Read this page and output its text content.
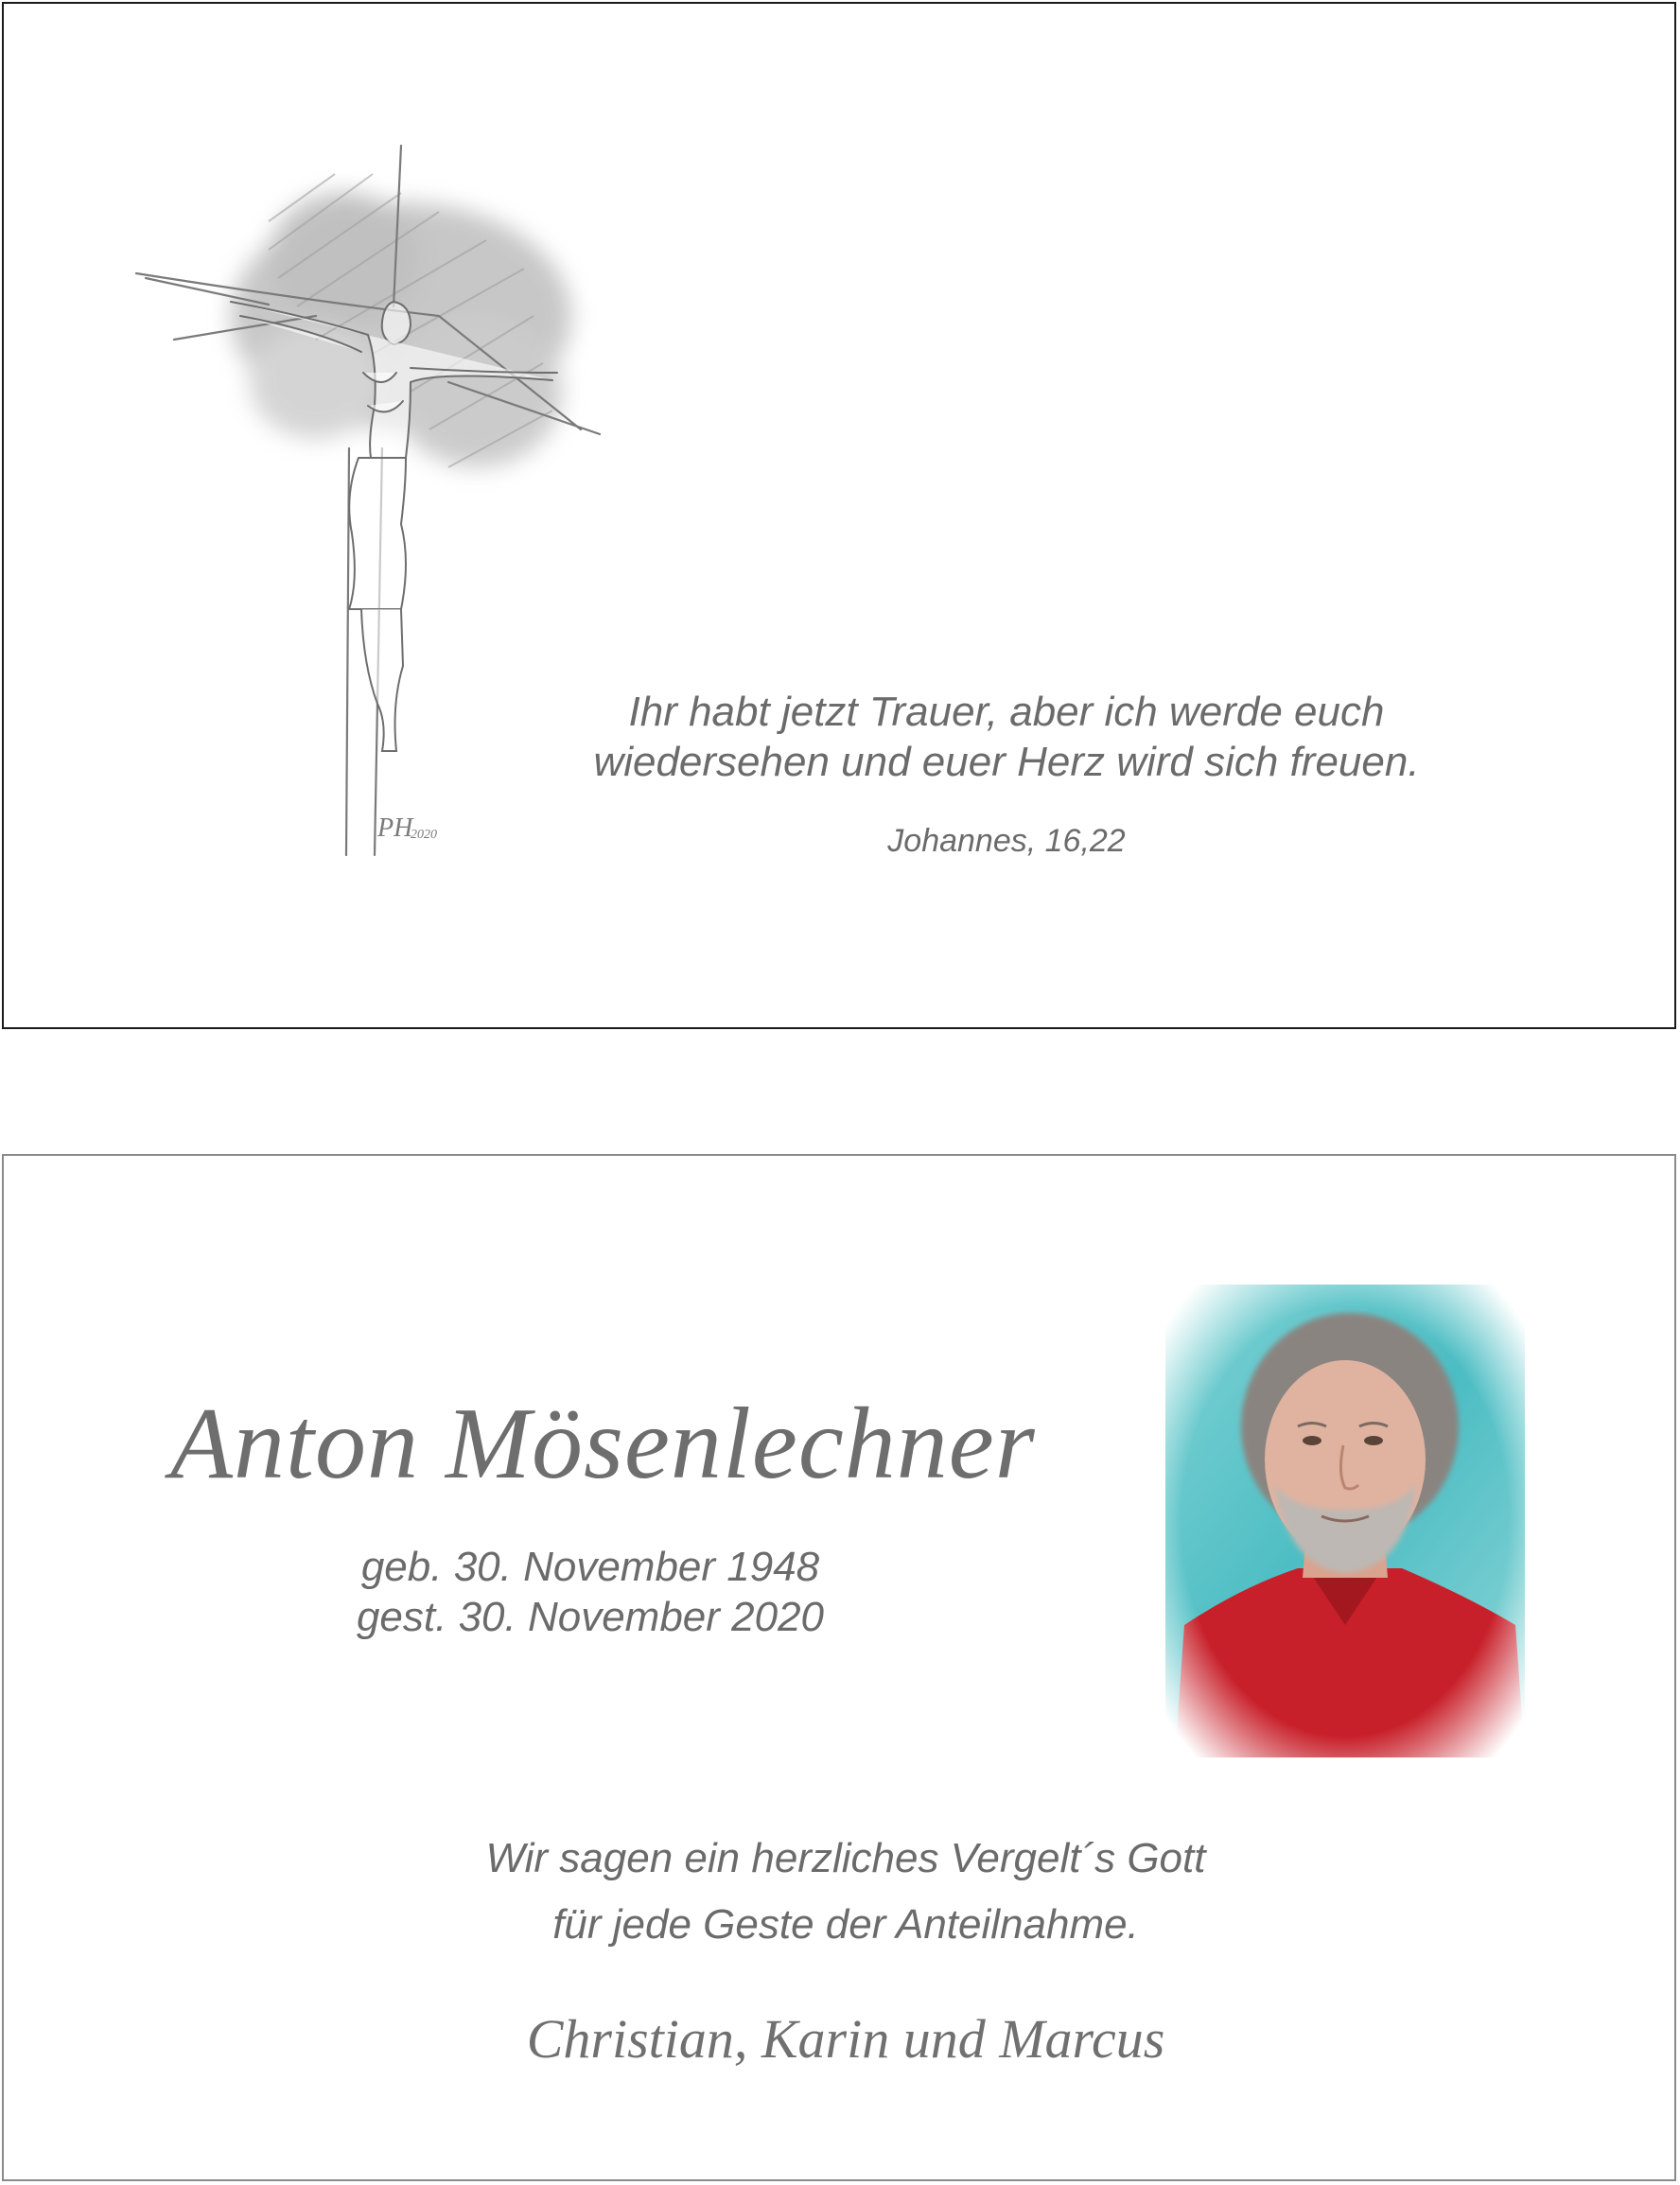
PH
2020
Ihr habt jetzt Trauer, aber ich werde euch
wiedersehen und euer Herz wird sich freuen.
Johannes, 16,22
Anton Mösenlechner
geb. 30. November 1948
gest. 30. November 2020
Wir sagen ein herzliches Vergelt´s Gott
für jede Geste der Anteilnahme.
Christian, Karin und Marcus
